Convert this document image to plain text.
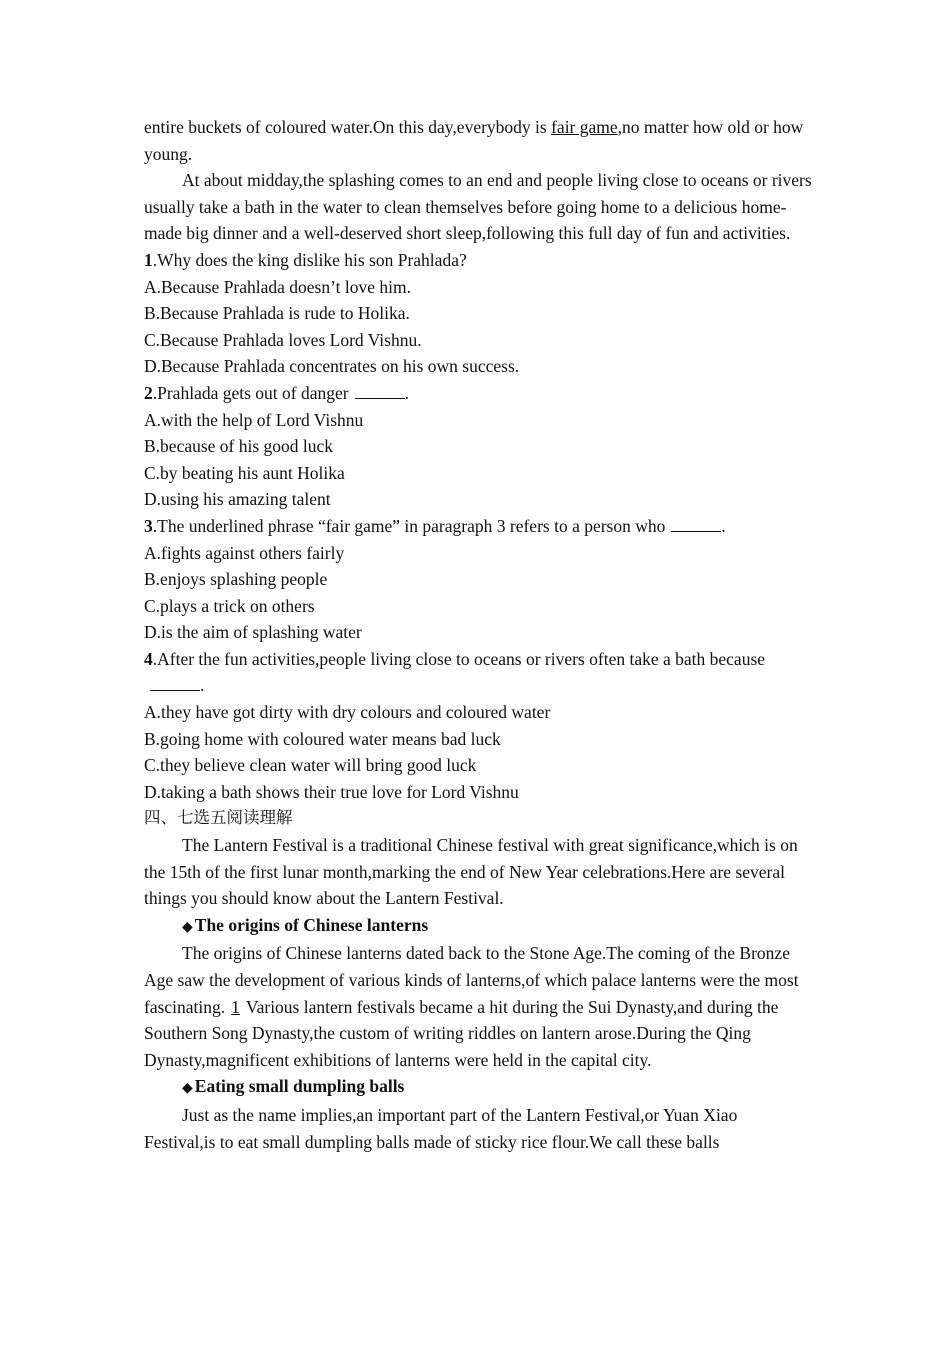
entire buckets of coloured water.On this day,everybody is fair game,no matter how old or how young.

At about midday,the splashing comes to an end and people living close to oceans or rivers usually take a bath in the water to clean themselves before going home to a delicious home-made big dinner and a well-deserved short sleep,following this full day of fun and activities.

1.Why does the king dislike his son Prahlada?

A.Because Prahlada doesn’t love him.

B.Because Prahlada is rude to Holika.

C.Because Prahlada loves Lord Vishnu.

D.Because Prahlada concentrates on his own success.

2.Prahlada gets out of danger	.

A.with the help of Lord Vishnu

B.because of his good luck

C.by beating his aunt Holika

D.using his amazing talent

3.The underlined phrase “fair game” in paragraph 3 refers to a person who	.

A.fights against others fairly

B.enjoys splashing people

C.plays a trick on others

D.is the aim of splashing water

4.After the fun activities,people living close to oceans or rivers often take a bath because.

A.they have got dirty with dry colours and coloured water

B.going home with coloured water means bad luck

C.they believe clean water will bring good luck

D.taking a bath shows their true love for Lord Vishnu

四、七选五阅读理解

The Lantern Festival is a traditional Chinese festival with great significance,which is on the 15th of the first lunar month,marking the end of New Year celebrations.Here are several things you should know about the Lantern Festival.

◆ The origins of Chinese lanterns

The origins of Chinese lanterns dated back to the Stone Age.The coming of the Bronze Age saw the development of various kinds of lanterns,of which palace lanterns were the most fascinating. 1 Various lantern festivals became a hit during the Sui Dynasty,and during the Southern Song Dynasty,the custom of writing riddles on lantern arose.During the Qing Dynasty,magnificent exhibitions of lanterns were held in the capital city.

◆ Eating small dumpling balls

Just as the name implies,an important part of the Lantern Festival,or Yuan Xiao Festival,is to eat small dumpling balls made of sticky rice flour.We call these balls
